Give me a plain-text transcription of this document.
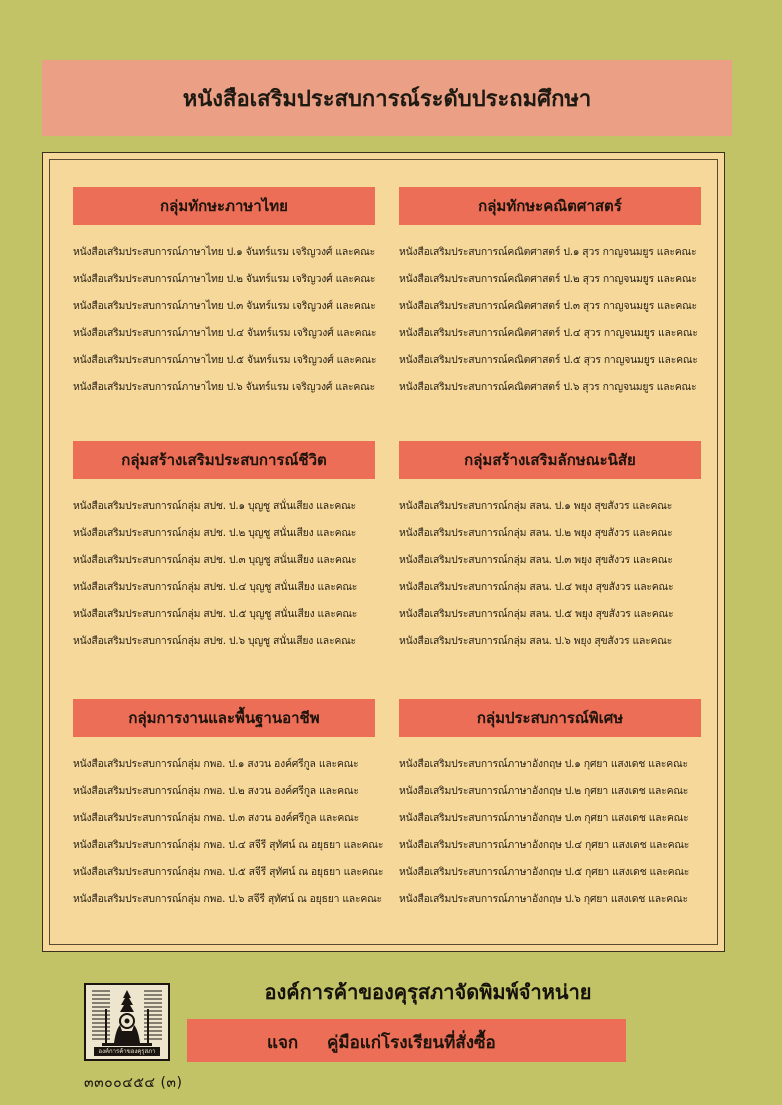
หนังสือเสริมประสบการณ์ระดับประถมศึกษา
กลุ่มทักษะภาษาไทย
หนังสือเสริมประสบการณ์ภาษาไทย ป.๑ จันทร์แรม เจริญวงศ์ และคณะ
หนังสือเสริมประสบการณ์ภาษาไทย ป.๒ จันทร์แรม เจริญวงศ์ และคณะ
หนังสือเสริมประสบการณ์ภาษาไทย ป.๓ จันทร์แรม เจริญวงศ์ และคณะ
หนังสือเสริมประสบการณ์ภาษาไทย ป.๔ จันทร์แรม เจริญวงศ์ และคณะ
หนังสือเสริมประสบการณ์ภาษาไทย ป.๕ จันทร์แรม เจริญวงศ์ และคณะ
หนังสือเสริมประสบการณ์ภาษาไทย ป.๖ จันทร์แรม เจริญวงศ์ และคณะ
กลุ่มทักษะคณิตศาสตร์
หนังสือเสริมประสบการณ์คณิตศาสตร์ ป.๑ สุวร กาญจนมยูร และคณะ
หนังสือเสริมประสบการณ์คณิตศาสตร์ ป.๒ สุวร กาญจนมยูร และคณะ
หนังสือเสริมประสบการณ์คณิตศาสตร์ ป.๓ สุวร กาญจนมยูร และคณะ
หนังสือเสริมประสบการณ์คณิตศาสตร์ ป.๔ สุวร กาญจนมยูร และคณะ
หนังสือเสริมประสบการณ์คณิตศาสตร์ ป.๕ สุวร กาญจนมยูร และคณะ
หนังสือเสริมประสบการณ์คณิตศาสตร์ ป.๖ สุวร กาญจนมยูร และคณะ
กลุ่มสร้างเสริมประสบการณ์ชีวิต
หนังสือเสริมประสบการณ์กลุ่ม สปช. ป.๑ บุญชู สนั่นเสียง และคณะ
หนังสือเสริมประสบการณ์กลุ่ม สปช. ป.๒ บุญชู สนั่นเสียง และคณะ
หนังสือเสริมประสบการณ์กลุ่ม สปช. ป.๓ บุญชู สนั่นเสียง และคณะ
หนังสือเสริมประสบการณ์กลุ่ม สปช. ป.๔ บุญชู สนั่นเสียง และคณะ
หนังสือเสริมประสบการณ์กลุ่ม สปช. ป.๕ บุญชู สนั่นเสียง และคณะ
หนังสือเสริมประสบการณ์กลุ่ม สปช. ป.๖ บุญชู สนั่นเสียง และคณะ
กลุ่มสร้างเสริมลักษณะนิสัย
หนังสือเสริมประสบการณ์กลุ่ม สลน. ป.๑ พยุง สุขสังวร และคณะ
หนังสือเสริมประสบการณ์กลุ่ม สลน. ป.๒ พยุง สุขสังวร และคณะ
หนังสือเสริมประสบการณ์กลุ่ม สลน. ป.๓ พยุง สุขสังวร และคณะ
หนังสือเสริมประสบการณ์กลุ่ม สลน. ป.๔ พยุง สุขสังวร และคณะ
หนังสือเสริมประสบการณ์กลุ่ม สลน. ป.๕ พยุง สุขสังวร และคณะ
หนังสือเสริมประสบการณ์กลุ่ม สลน. ป.๖ พยุง สุขสังวร และคณะ
กลุ่มการงานและพื้นฐานอาชีพ
หนังสือเสริมประสบการณ์กลุ่ม กพอ. ป.๑ สงวน องค์ศรีกูล และคณะ
หนังสือเสริมประสบการณ์กลุ่ม กพอ. ป.๒ สงวน องค์ศรีกูล และคณะ
หนังสือเสริมประสบการณ์กลุ่ม กพอ. ป.๓ สงวน องค์ศรีกูล และคณะ
หนังสือเสริมประสบการณ์กลุ่ม กพอ. ป.๔ สจีรี สุทัศน์ ณ อยุธยา และคณะ
หนังสือเสริมประสบการณ์กลุ่ม กพอ. ป.๕ สจีรี สุทัศน์ ณ อยุธยา และคณะ
หนังสือเสริมประสบการณ์กลุ่ม กพอ. ป.๖ สจีรี สุทัศน์ ณ อยุธยา และคณะ
กลุ่มประสบการณ์พิเศษ
หนังสือเสริมประสบการณ์ภาษาอังกฤษ ป.๑ กุศยา แสงเดช และคณะ
หนังสือเสริมประสบการณ์ภาษาอังกฤษ ป.๒ กุศยา แสงเดช และคณะ
หนังสือเสริมประสบการณ์ภาษาอังกฤษ ป.๓ กุศยา แสงเดช และคณะ
หนังสือเสริมประสบการณ์ภาษาอังกฤษ ป.๔ กุศยา แสงเดช และคณะ
หนังสือเสริมประสบการณ์ภาษาอังกฤษ ป.๕ กุศยา แสงเดช และคณะ
หนังสือเสริมประสบการณ์ภาษาอังกฤษ ป.๖ กุศยา แสงเดช และคณะ
องค์การค้าของคุรุสภาจัดพิมพ์จำหน่าย
องค์การค้าของคุรุสภา	แจก คู่มือแก่โรงเรียนที่สั่งซื้อ
๓๓๐๐๔๕๔ (๓)
